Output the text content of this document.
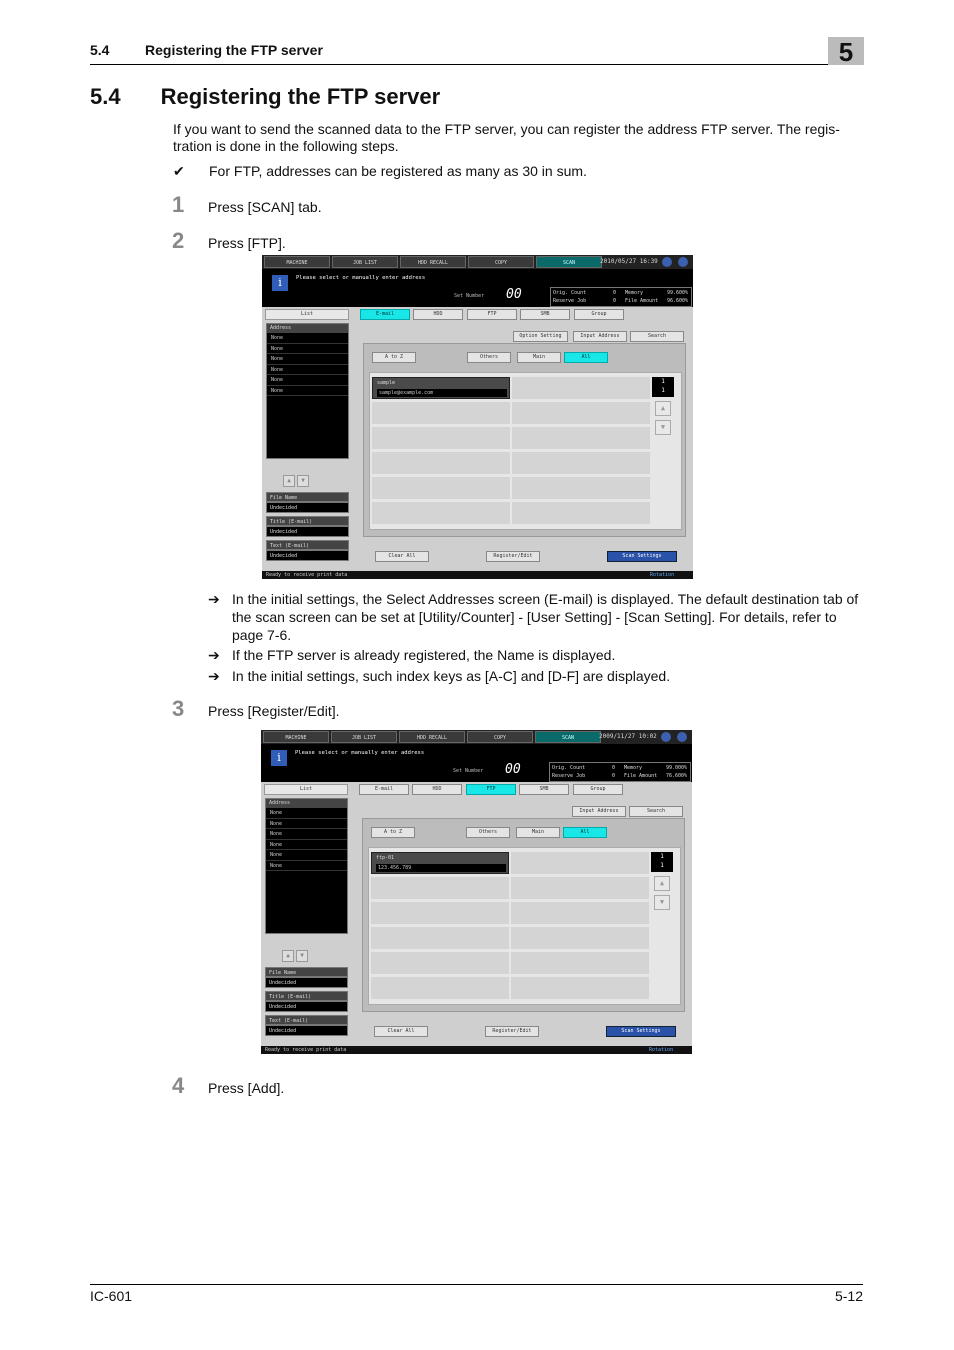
5.4	Registering the FTP server	5
5.4 Registering the FTP server
If you want to send the scanned data to the FTP server, you can register the address FTP server. The regis-tration is done in the following steps.
✔ For FTP, addresses can be registered as many as 30 in sum.
1 Press [SCAN] tab.
2 Press [FTP].
MACHINE	JOB LIST	HDD RECALL	COPY	SCAN	2010/05/27 16:39
i	Please select or manually enter address
Set Number 00	Orig. Count	0
Reserve Job	0
Memory	99.600%
File Amount 96.600%
List
Address
None
None
None
None
None
None
▲ ▼
File Name
Undecided
Title (E-mail)
Undecided
Text (E-mail)
Undecided
E-mail	HDD	FTP	SMB	Group
Option Setting	Input Address	Search
A to Z	Others	Main	All
sample
sample@example.com
1
1
▲
▼
Clear All	Register/Edit	Scan Settings
Ready to receive print data	Rotation
➔ In the initial settings, the Select Addresses screen (E-mail) is displayed. The default destination tab of the scan screen can be set at [Utility/Counter] - [User Setting] - [Scan Setting]. For details, refer to page 7-6.
➔ If the FTP server is already registered, the Name is displayed.
➔ In the initial settings, such index keys as [A-C] and [D-F] are displayed.
3 Press [Register/Edit].
MACHINE	JOB LIST	HDD RECALL	COPY	SCAN	2009/11/27 10:02
i	Please select or manually enter address
Set Number 00	Orig. Count	0
Reserve Job	0
Memory	99.000%
File Amount 76.600%
List
Address
None
None
None
None
None
None
▲ ▼
File Name
Undecided
Title (E-mail)
Undecided
Text (E-mail)
Undecided
E-mail	HDD	FTP	SMB	Group
Input Address	Search
A to Z	Others	Main	All
ftp-01
123.456.789
1
1
▲
▼
Clear All	Register/Edit	Scan Settings
Ready to receive print data	Rotation
4 Press [Add].
IC-601	5-12
